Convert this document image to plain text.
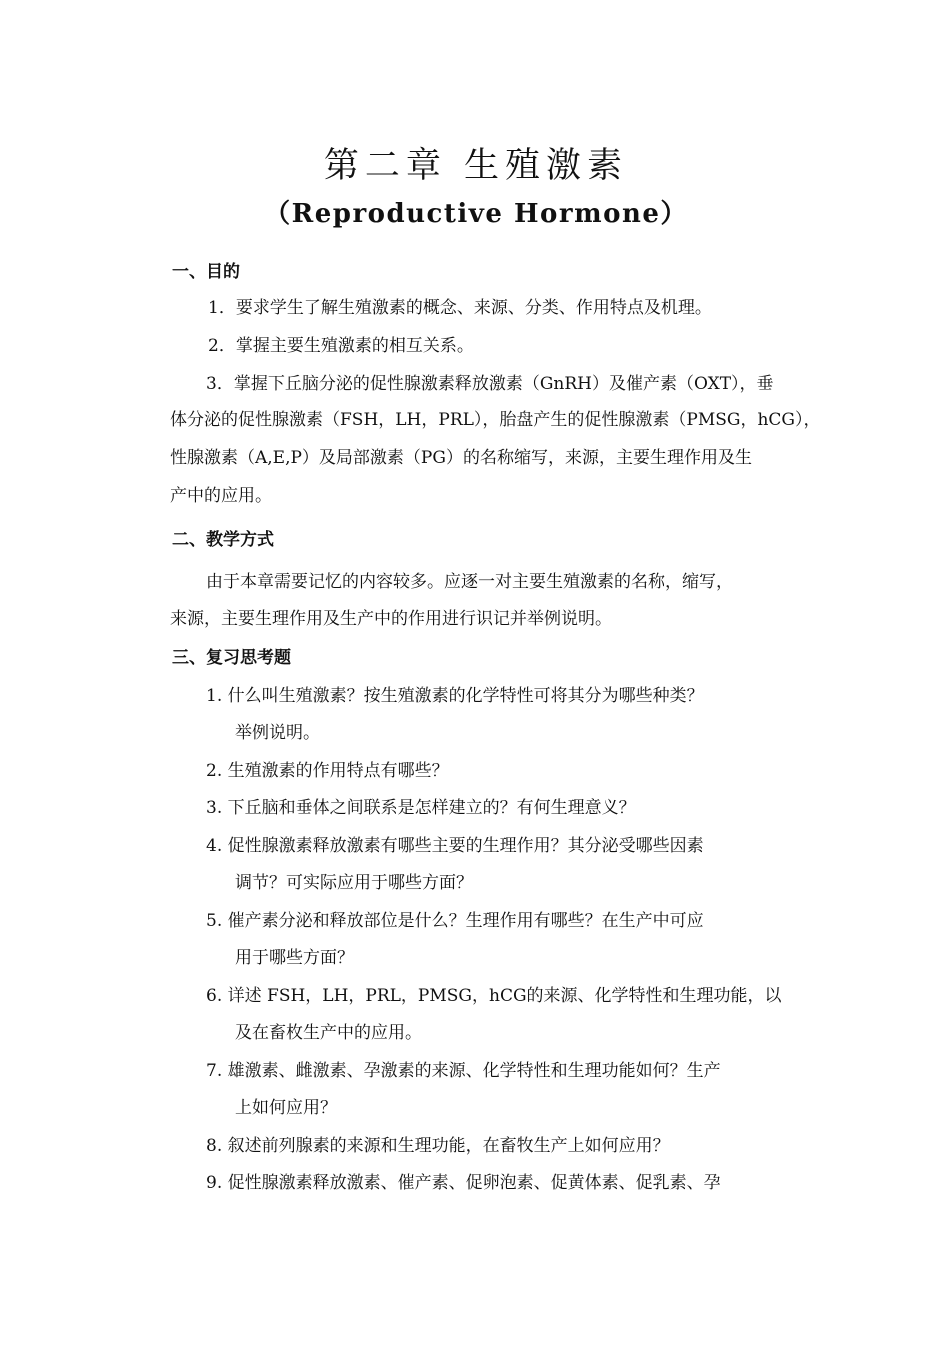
第二章 生殖激素
（Reproductive Hormone）
一、目的

1．要求学生了解生殖激素的概念、来源、分类、作用特点及机理。

2．掌握主要生殖激素的相互关系。

3．掌握下丘脑分泌的促性腺激素释放激素（GnRH）及催产素（OXT），垂

体分泌的促性腺激素（FSH，LH，PRL），胎盘产生的促性腺激素（PMSG，hCG），

性腺激素（A,E,P）及局部激素（PG）的名称缩写，来源，主要生理作用及生

产中的应用。

二、教学方式

由于本章需要记忆的内容较多。应逐一对主要生殖激素的名称，缩写，

来源，主要生理作用及生产中的作用进行识记并举例说明。

三、复习思考题

1. 什么叫生殖激素？按生殖激素的化学特性可将其分为哪些种类？

举例说明。

2. 生殖激素的作用特点有哪些？

3. 下丘脑和垂体之间联系是怎样建立的？有何生理意义？

4. 促性腺激素释放激素有哪些主要的生理作用？其分泌受哪些因素

调节？可实际应用于哪些方面？

5. 催产素分泌和释放部位是什么？生理作用有哪些？在生产中可应

用于哪些方面？

6. 详述 FSH，LH，PRL，PMSG，hCG的来源、化学特性和生理功能，以

及在畜枚生产中的应用。

7. 雄激素、雌激素、孕激素的来源、化学特性和生理功能如何？生产

上如何应用？

8. 叙述前列腺素的来源和生理功能，在畜牧生产上如何应用？

9. 促性腺激素释放激素、催产素、促卵泡素、促黄体素、促乳素、孕
